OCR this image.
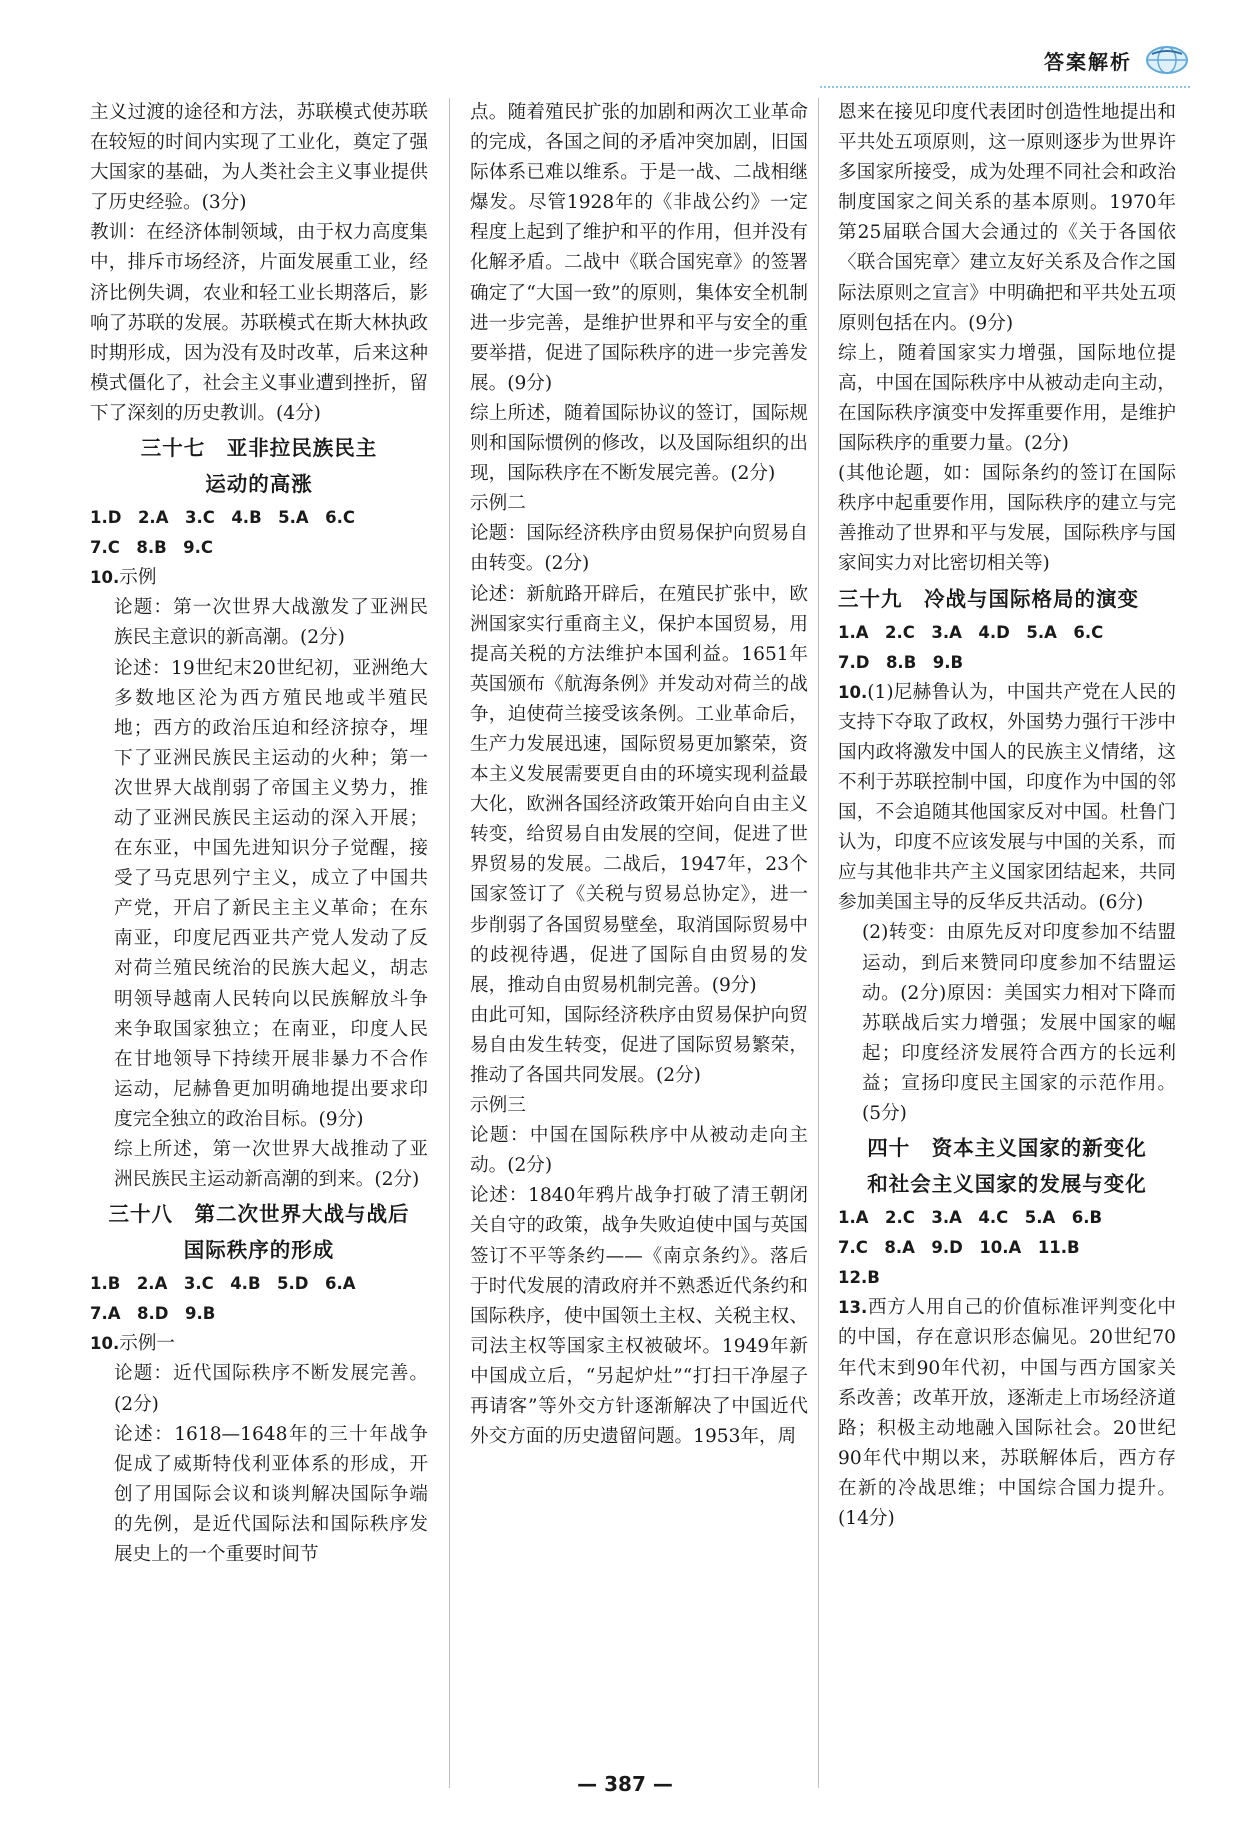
答案解析

主义过渡的途径和方法，苏联模式使苏联在较短的时间内实现了工业化，奠定了强大国家的基础，为人类社会主义事业提供了历史经验。(3分)

教训：在经济体制领域，由于权力高度集中，排斥市场经济，片面发展重工业，经济比例失调，农业和轻工业长期落后，影响了苏联的发展。苏联模式在斯大林执政时期形成，因为没有及时改革，后来这种模式僵化了，社会主义事业遭到挫折，留下了深刻的历史教训。(4分)

三十七　亚非拉民族民主
运动的高涨

1.D　2.A　3.C　4.B　5.A　6.C

7.C　8.B　9.C

10.示例

论题：第一次世界大战激发了亚洲民族民主意识的新高潮。(2分)

论述：19世纪末20世纪初，亚洲绝大多数地区沦为西方殖民地或半殖民地；西方的政治压迫和经济掠夺，埋下了亚洲民族民主运动的火种；第一次世界大战削弱了帝国主义势力，推动了亚洲民族民主运动的深入开展；在东亚，中国先进知识分子觉醒，接受了马克思列宁主义，成立了中国共产党，开启了新民主主义革命；在东南亚，印度尼西亚共产党人发动了反对荷兰殖民统治的民族大起义，胡志明领导越南人民转向以民族解放斗争来争取国家独立；在南亚，印度人民在甘地领导下持续开展非暴力不合作运动，尼赫鲁更加明确地提出要求印度完全独立的政治目标。(9分)

综上所述，第一次世界大战推动了亚洲民族民主运动新高潮的到来。(2分)

三十八　第二次世界大战与战后
国际秩序的形成

1.B　2.A　3.C　4.B　5.D　6.A

7.A　8.D　9.B

10.示例一

论题：近代国际秩序不断发展完善。(2分)

论述：1618—1648年的三十年战争促成了威斯特伐利亚体系的形成，开创了用国际会议和谈判解决国际争端的先例，是近代国际法和国际秩序发展史上的一个重要时间节

点。随着殖民扩张的加剧和两次工业革命的完成，各国之间的矛盾冲突加剧，旧国际体系已难以维系。于是一战、二战相继爆发。尽管1928年的《非战公约》一定程度上起到了维护和平的作用，但并没有化解矛盾。二战中《联合国宪章》的签署确定了“大国一致”的原则，集体安全机制进一步完善，是维护世界和平与安全的重要举措，促进了国际秩序的进一步完善发展。(9分)

综上所述，随着国际协议的签订，国际规则和国际惯例的修改，以及国际组织的出现，国际秩序在不断发展完善。(2分)

示例二

论题：国际经济秩序由贸易保护向贸易自由转变。(2分)

论述：新航路开辟后，在殖民扩张中，欧洲国家实行重商主义，保护本国贸易，用提高关税的方法维护本国利益。1651年英国颁布《航海条例》并发动对荷兰的战争，迫使荷兰接受该条例。工业革命后，生产力发展迅速，国际贸易更加繁荣，资本主义发展需要更自由的环境实现利益最大化，欧洲各国经济政策开始向自由主义转变，给贸易自由发展的空间，促进了世界贸易的发展。二战后，1947年，23个国家签订了《关税与贸易总协定》，进一步削弱了各国贸易壁垒，取消国际贸易中的歧视待遇，促进了国际自由贸易的发展，推动自由贸易机制完善。(9分)

由此可知，国际经济秩序由贸易保护向贸易自由发生转变，促进了国际贸易繁荣，推动了各国共同发展。(2分)

示例三

论题：中国在国际秩序中从被动走向主动。(2分)

论述：1840年鸦片战争打破了清王朝闭关自守的政策，战争失败迫使中国与英国签订不平等条约——《南京条约》。落后于时代发展的清政府并不熟悉近代条约和国际秩序，使中国领土主权、关税主权、司法主权等国家主权被破坏。1949年新中国成立后，“另起炉灶”“打扫干净屋子再请客”等外交方针逐渐解决了中国近代外交方面的历史遗留问题。1953年，周

恩来在接见印度代表团时创造性地提出和平共处五项原则，这一原则逐步为世界许多国家所接受，成为处理不同社会和政治制度国家之间关系的基本原则。1970年第25届联合国大会通过的《关于各国依〈联合国宪章〉建立友好关系及合作之国际法原则之宣言》中明确把和平共处五项原则包括在内。(9分)

综上，随着国家实力增强，国际地位提高，中国在国际秩序中从被动走向主动，在国际秩序演变中发挥重要作用，是维护国际秩序的重要力量。(2分)

(其他论题，如：国际条约的签订在国际秩序中起重要作用，国际秩序的建立与完善推动了世界和平与发展，国际秩序与国家间实力对比密切相关等)

三十九　冷战与国际格局的演变

1.A　2.C　3.A　4.D　5.A　6.C

7.D　8.B　9.B

10.(1)尼赫鲁认为，中国共产党在人民的支持下夺取了政权，外国势力强行干涉中国内政将激发中国人的民族主义情绪，这不利于苏联控制中国，印度作为中国的邻国，不会追随其他国家反对中国。杜鲁门认为，印度不应该发展与中国的关系，而应与其他非共产主义国家团结起来，共同参加美国主导的反华反共活动。(6分)

(2)转变：由原先反对印度参加不结盟运动，到后来赞同印度参加不结盟运动。(2分)原因：美国实力相对下降而苏联战后实力增强；发展中国家的崛起；印度经济发展符合西方的长远利益；宣扬印度民主国家的示范作用。(5分)

四十　资本主义国家的新变化
和社会主义国家的发展与变化

1.A　2.C　3.A　4.C　5.A　6.B

7.C　8.A　9.D　10.A　11.B

12.B

13.西方人用自己的价值标准评判变化中的中国，存在意识形态偏见。20世纪70年代末到90年代初，中国与西方国家关系改善；改革开放，逐渐走上市场经济道路；积极主动地融入国际社会。20世纪90年代中期以来，苏联解体后，西方存在新的冷战思维；中国综合国力提升。(14分)

— 387 —
